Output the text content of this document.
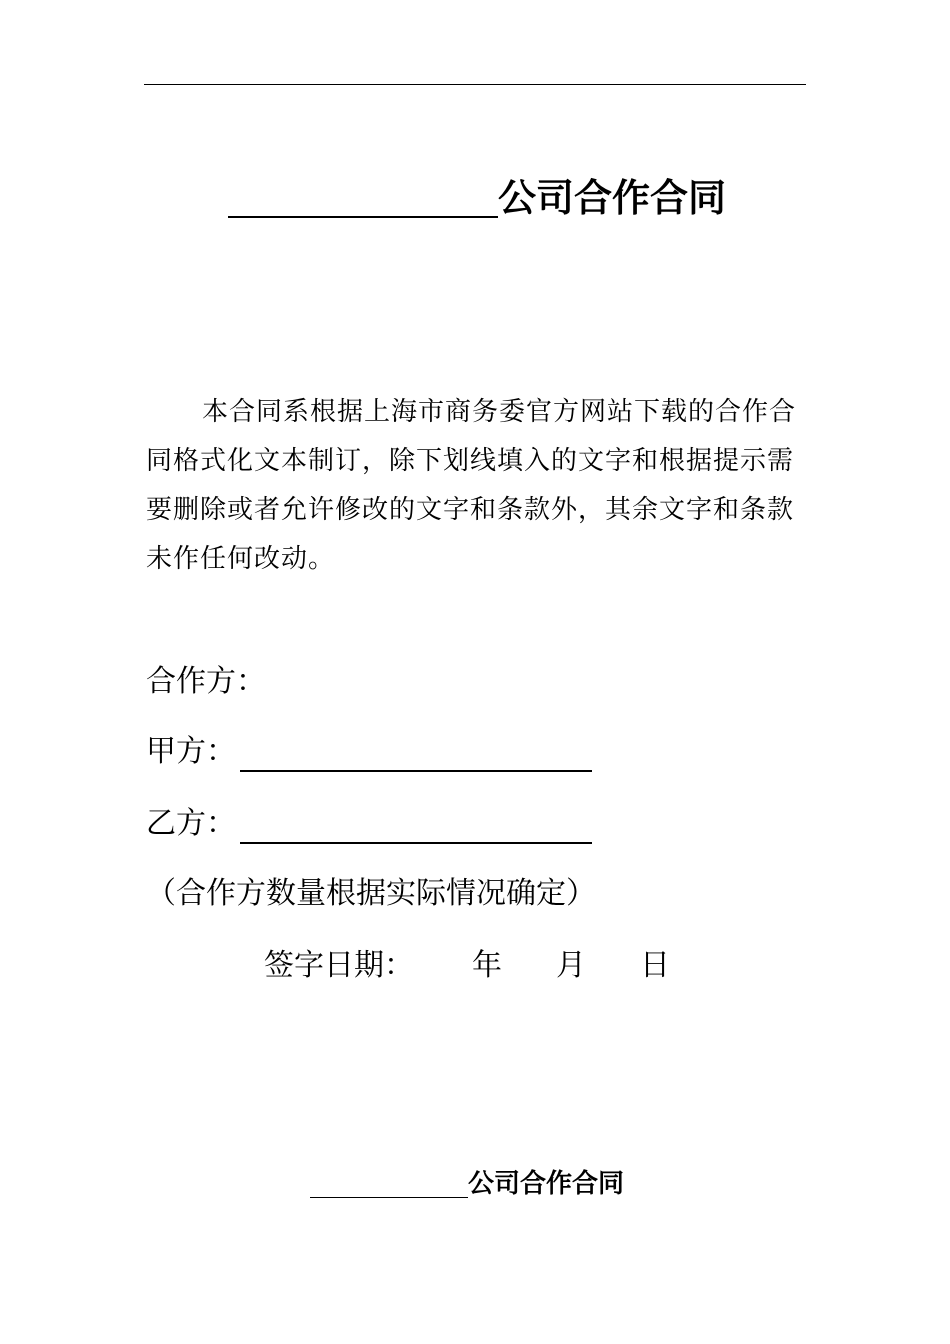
公司合作合同

本合同系根据上海市商务委官方网站下载的合作合同格式化文本制订，除下划线填入的文字和根据提示需要删除或者允许修改的文字和条款外，其余文字和条款未作任何改动。

合作方：

甲方：
乙方：

（合作方数量根据实际情况确定）

签字日期： 年 月 日
公司合作合同
